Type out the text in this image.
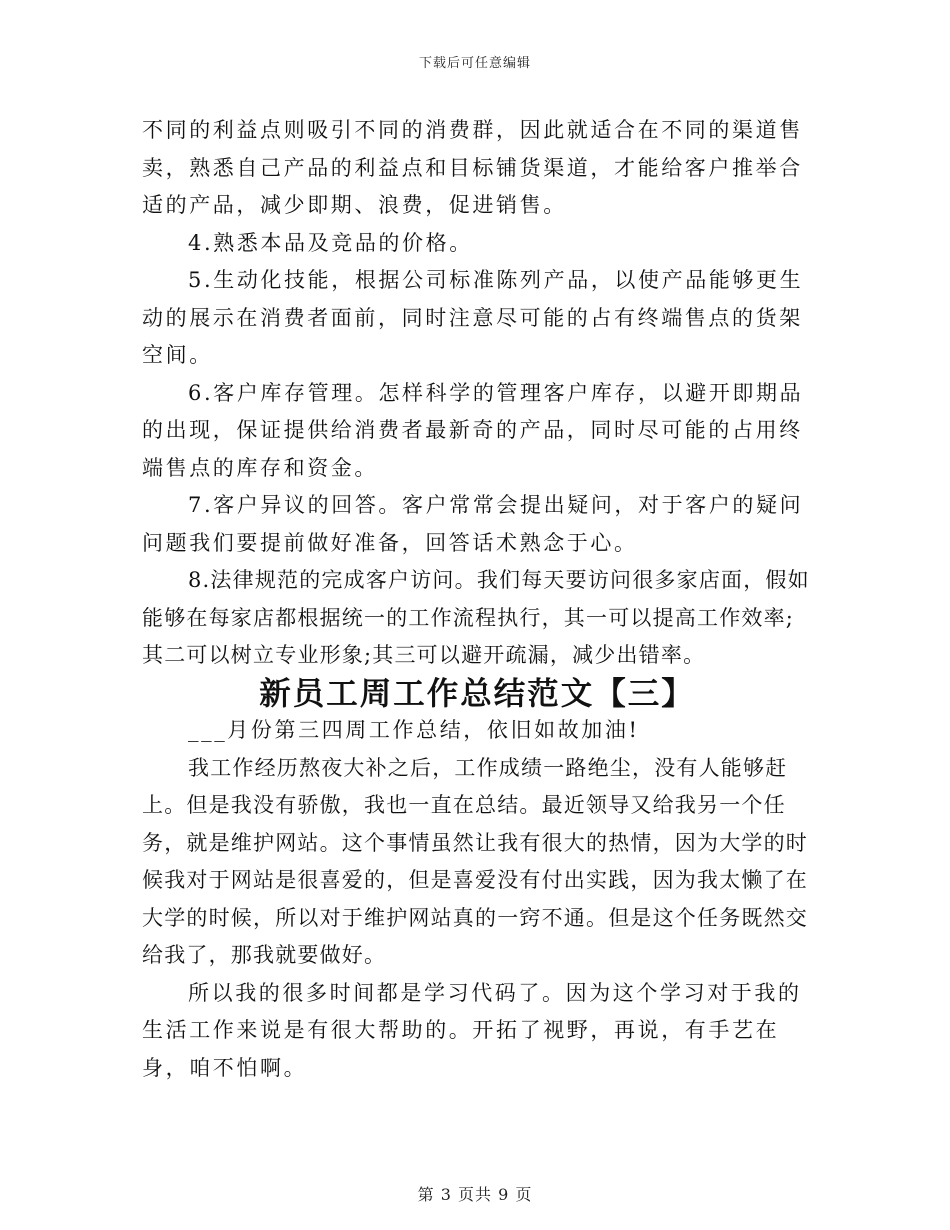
下载后可任意编辑

不同的利益点则吸引不同的消费群，因此就适合在不同的渠道售卖，熟悉自己产品的利益点和目标铺货渠道，才能给客户推举合适的产品，减少即期、浪费，促进销售。

4.熟悉本品及竞品的价格。

5.生动化技能，根据公司标准陈列产品，以使产品能够更生动的展示在消费者面前，同时注意尽可能的占有终端售点的货架空间。

6.客户库存管理。怎样科学的管理客户库存，以避开即期品的出现，保证提供给消费者最新奇的产品，同时尽可能的占用终端售点的库存和资金。

7.客户异议的回答。客户常常会提出疑问，对于客户的疑问问题我们要提前做好准备，回答话术熟念于心。

8.法律规范的完成客户访问。我们每天要访问很多家店面，假如能够在每家店都根据统一的工作流程执行，其一可以提高工作效率;其二可以树立专业形象;其三可以避开疏漏，减少出错率。

新员工周工作总结范文【三】

___月份第三四周工作总结，依旧如故加油!

我工作经历熬夜大补之后，工作成绩一路绝尘，没有人能够赶上。但是我没有骄傲，我也一直在总结。最近领导又给我另一个任务，就是维护网站。这个事情虽然让我有很大的热情，因为大学的时候我对于网站是很喜爱的，但是喜爱没有付出实践，因为我太懒了在大学的时候，所以对于维护网站真的一窍不通。但是这个任务既然交给我了，那我就要做好。

所以我的很多时间都是学习代码了。因为这个学习对于我的生活工作来说是有很大帮助的。开拓了视野，再说，有手艺在身，咱不怕啊。

第 3 页共 9 页
